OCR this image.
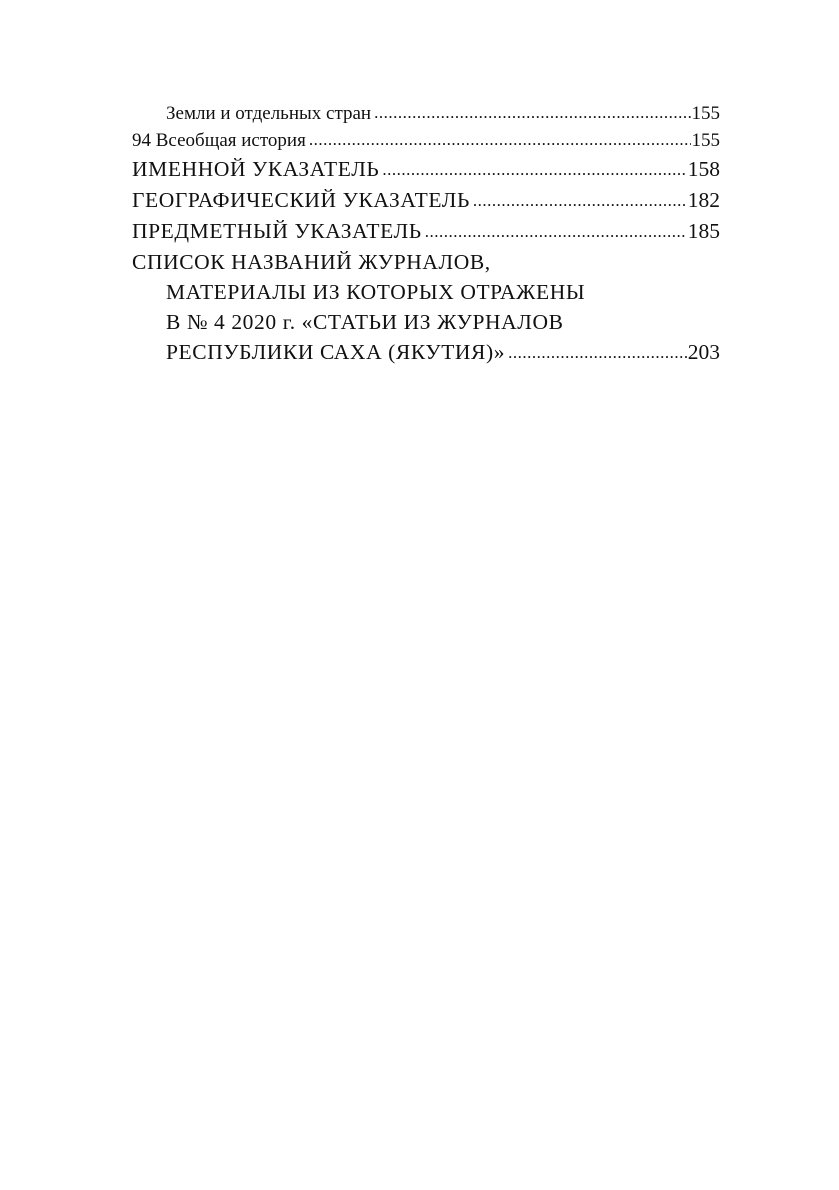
Земли и отдельных стран .....	155
94 Всеобщая история .....	155
ИМЕННОЙ УКАЗАТЕЛЬ .....	158
ГЕОГРАФИЧЕСКИЙ УКАЗАТЕЛЬ .....	182
ПРЕДМЕТНЫЙ УКАЗАТЕЛЬ .....	185
СПИСОК НАЗВАНИЙ ЖУРНАЛОВ,
МАТЕРИАЛЫ ИЗ КОТОРЫХ ОТРАЖЕНЫ
В № 4 2020 г. «СТАТЬИ ИЗ ЖУРНАЛОВ
РЕСПУБЛИКИ САХА (ЯКУТИЯ)» .....	203
